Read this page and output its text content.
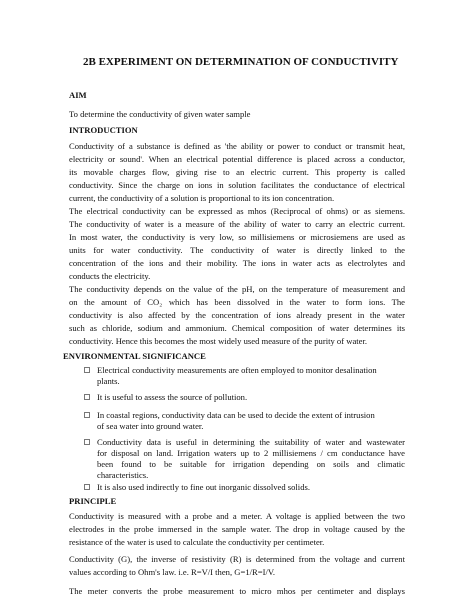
2B EXPERIMENT ON DETERMINATION OF CONDUCTIVITY
AIM
To determine the conductivity of given water sample
INTRODUCTION
Conductivity of a substance is defined as 'the ability or power to conduct or transmit heat,
electricity or sound'. When an electrical potential difference is placed across a conductor,
its movable charges flow, giving rise to an electric current. This property is called
conductivity. Since the charge on ions in solution facilitates the conductance of electrical
current, the conductivity of a solution is proportional to its ion concentration.
The electrical conductivity can be expressed as mhos (Reciprocal of ohms) or as siemens.
The conductivity of water is a measure of the ability of water to carry an electric current.
In most water, the conductivity is very low, so millisiemens or microsiemens are used as
units for water conductivity. The conductivity of water is directly linked to the
concentration of the ions and their mobility. The ions in water acts as electrolytes and
conducts the electricity.
The conductivity depends on the value of the pH, on the temperature of measurement and
on the amount of CO₂ which has been dissolved in the water to form ions. The
conductivity is also affected by the concentration of ions already present in the water
such as chloride, sodium and ammonium. Chemical composition of water determines its
conductivity. Hence this becomes the most widely used measure of the purity of water.
ENVIRONMENTAL SIGNIFICANCE
Electrical conductivity measurements are often employed to monitor desalination
plants.
It is useful to assess the source of pollution.
In coastal regions, conductivity data can be used to decide the extent of intrusion
of sea water into ground water.
Conductivity data is useful in determining the suitability of water and wastewater
for disposal on land. Irrigation waters up to 2 millisiemens / cm conductance have
been found to be suitable for irrigation depending on soils and climatic
characteristics.
It is also used indirectly to fine out inorganic dissolved solids.
PRINCIPLE
Conductivity is measured with a probe and a meter. A voltage is applied between the two
electrodes in the probe immersed in the sample water. The drop in voltage caused by the
resistance of the water is used to calculate the conductivity per centimeter.
Conductivity (G), the inverse of resistivity (R) is determined from the voltage and current
values according to Ohm's law. i.e. R=V/I then, G=1/R=I/V.
The meter converts the probe measurement to micro mhos per centimeter and displays
